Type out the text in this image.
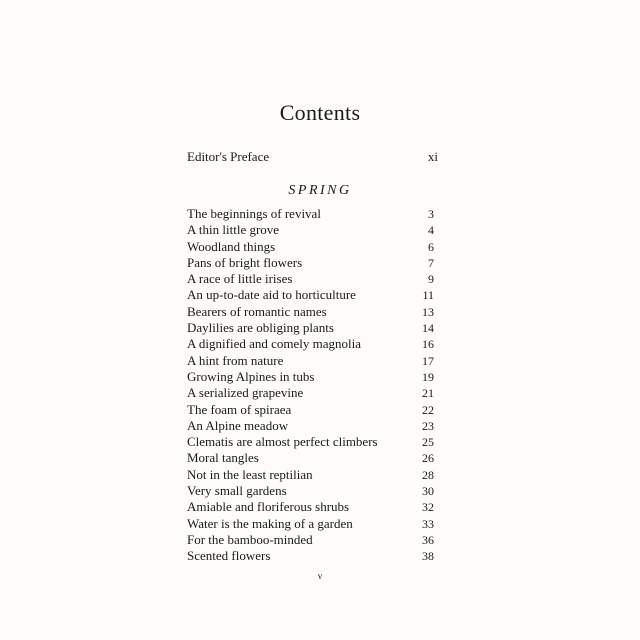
Contents
Editor's Preface	xi
SPRING
The beginnings of revival	3
A thin little grove	4
Woodland things	6
Pans of bright flowers	7
A race of little irises	9
An up-to-date aid to horticulture	11
Bearers of romantic names	13
Daylilies are obliging plants	14
A dignified and comely magnolia	16
A hint from nature	17
Growing Alpines in tubs	19
A serialized grapevine	21
The foam of spiraea	22
An Alpine meadow	23
Clematis are almost perfect climbers	25
Moral tangles	26
Not in the least reptilian	28
Very small gardens	30
Amiable and floriferous shrubs	32
Water is the making of a garden	33
For the bamboo-minded	36
Scented flowers	38
v
